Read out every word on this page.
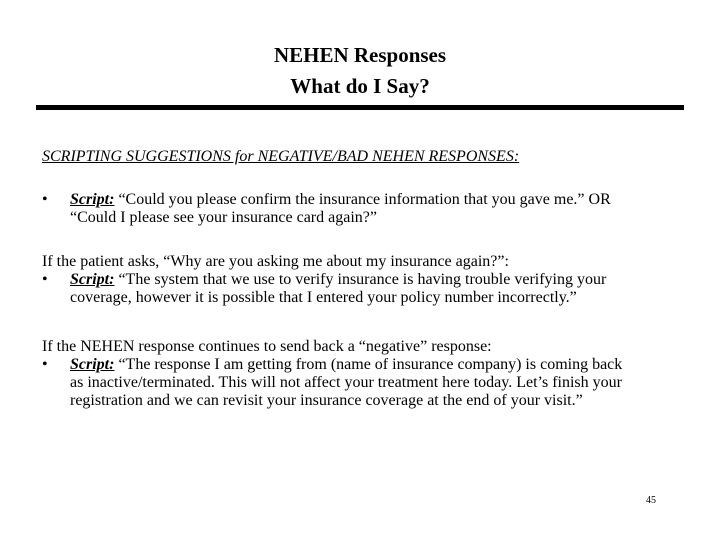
NEHEN Responses
What do I Say?
SCRIPTING SUGGESTIONS for NEGATIVE/BAD NEHEN RESPONSES:
• Script: “Could you please confirm the insurance information that you gave me.” OR
“Could I please see your insurance card again?”
If the patient asks, “Why are you asking me about my insurance again?”:
• Script: “The system that we use to verify insurance is having trouble verifying your
coverage, however it is possible that I entered your policy number incorrectly.”
If the NEHEN response continues to send back a “negative” response:
• Script: “The response I am getting from (name of insurance company) is coming back
as inactive/terminated. This will not affect your treatment here today. Let’s finish your registration and we can revisit your insurance coverage at the end of your visit.”
45
